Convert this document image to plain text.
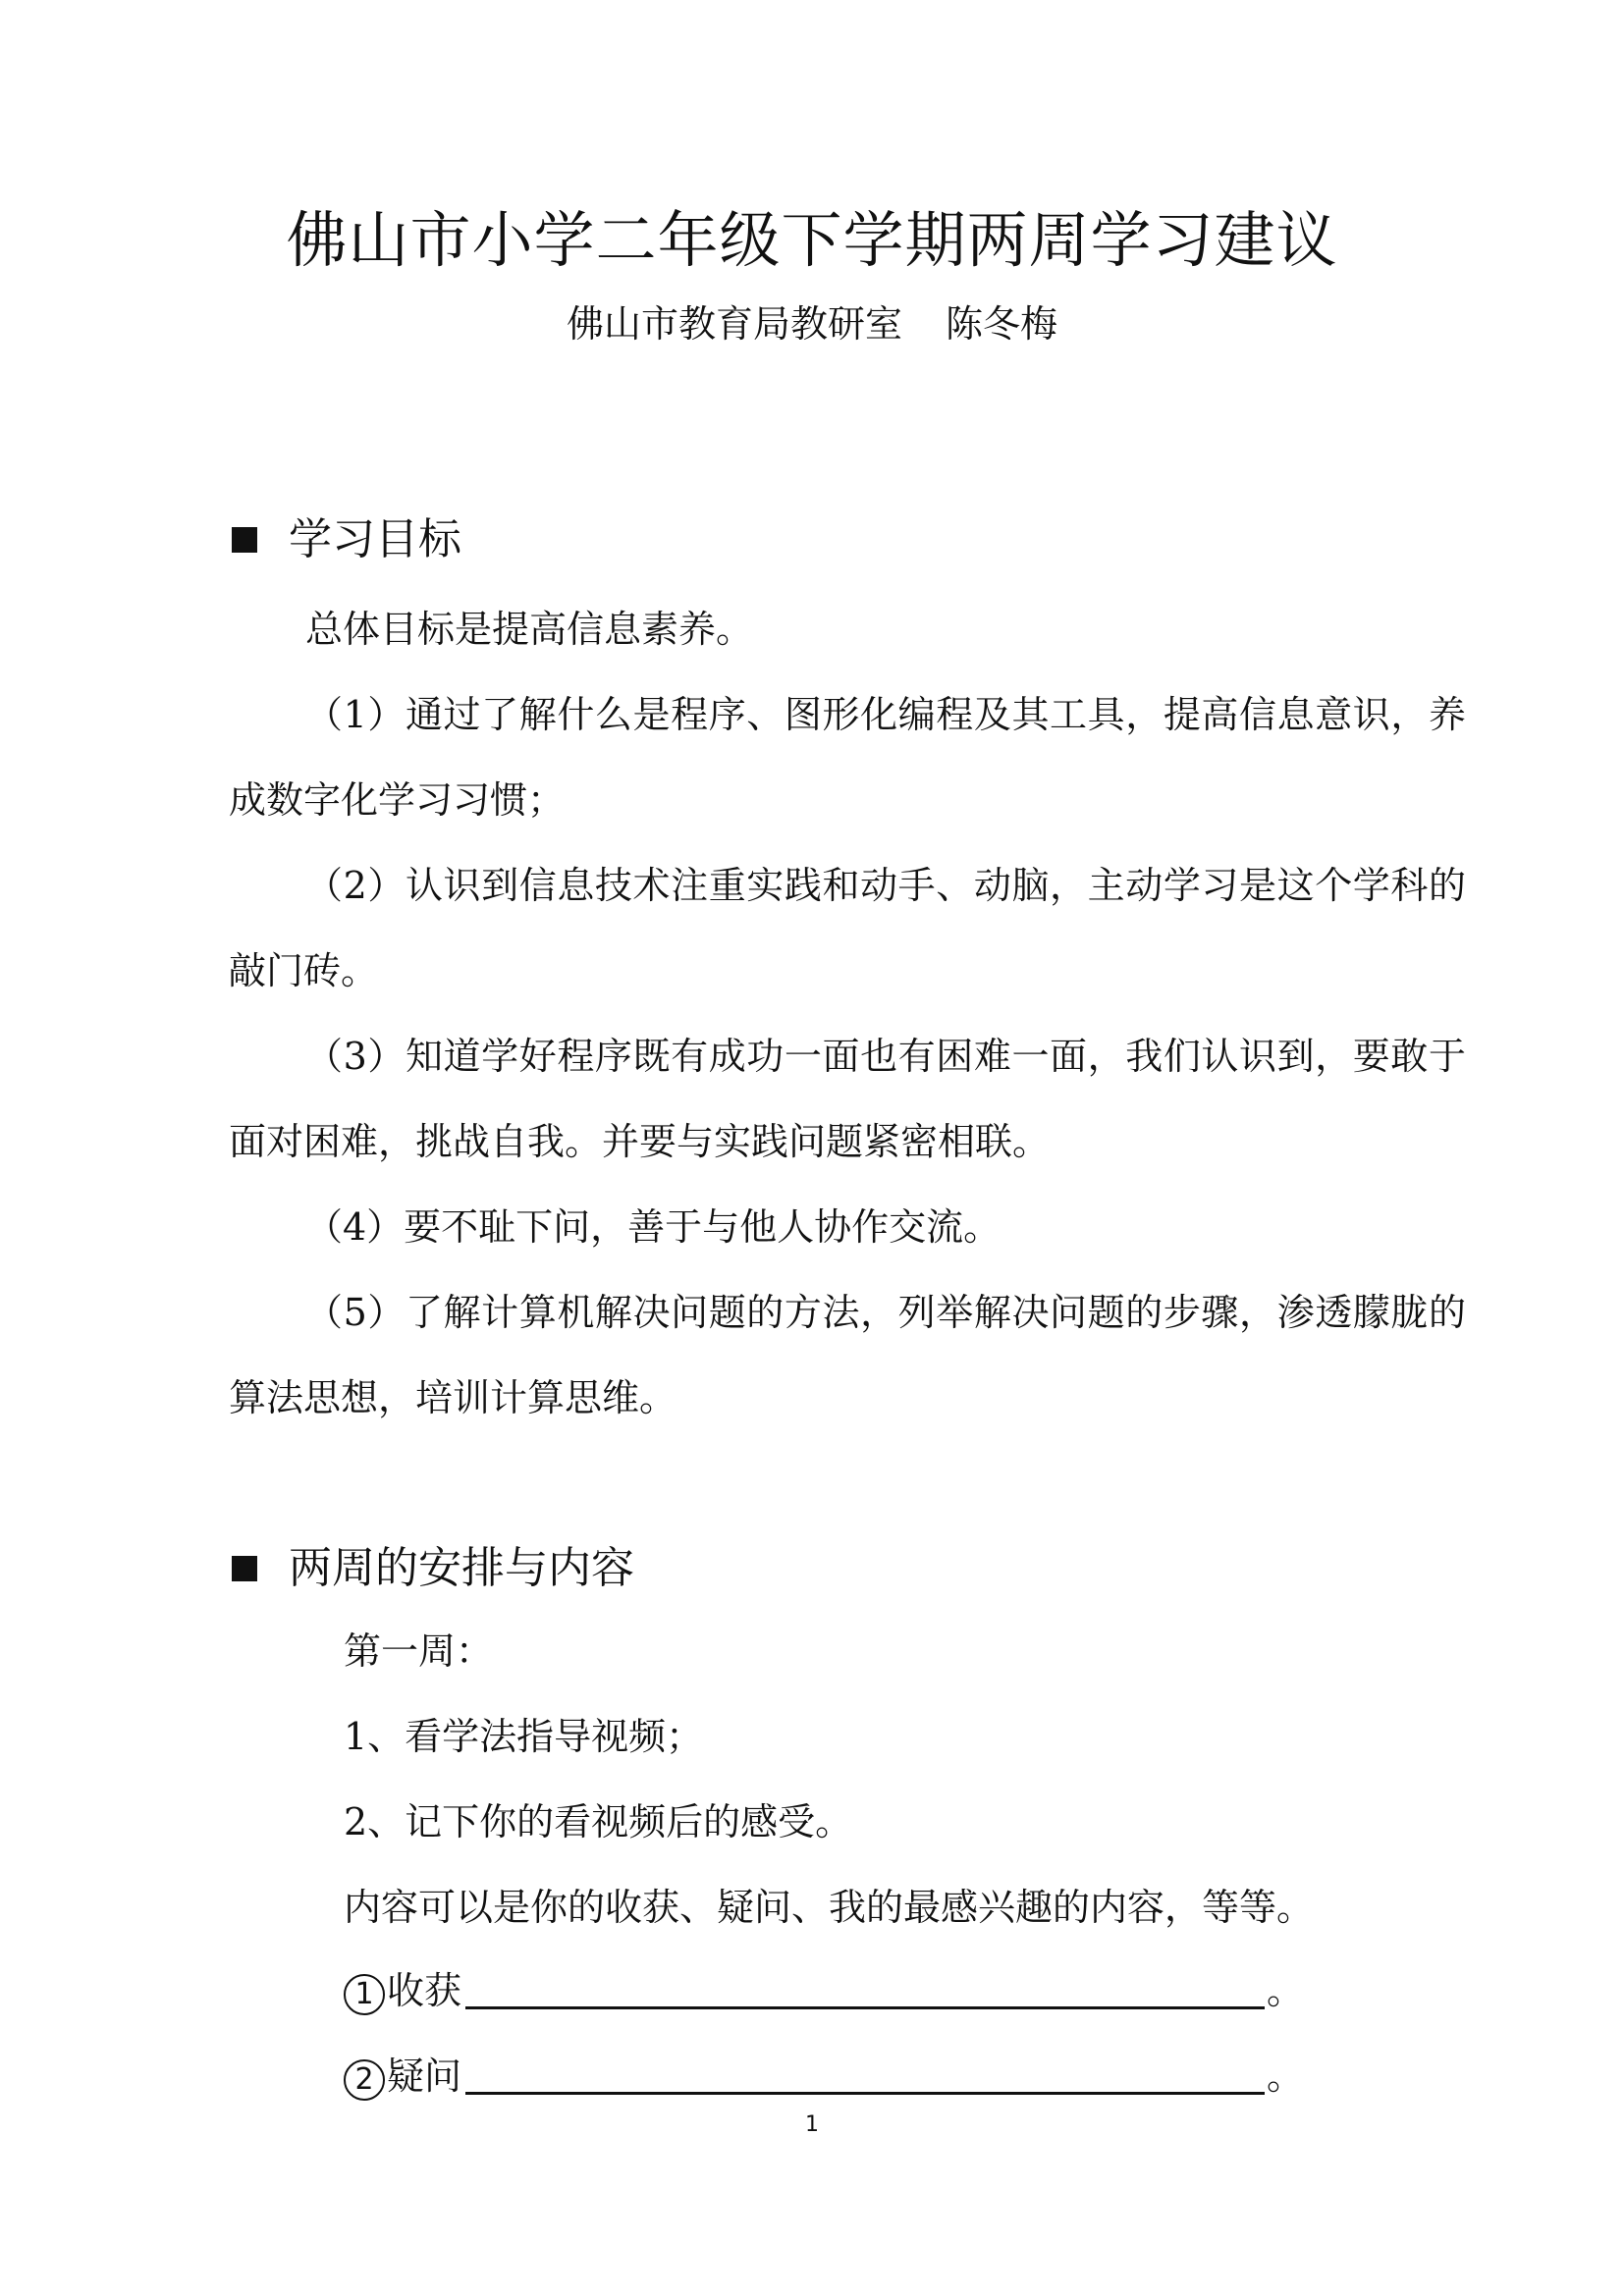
佛山市小学二年级下学期两周学习建议
佛山市教育局教研室 陈冬梅
学习目标

总体目标是提高信息素养。

（1）通过了解什么是程序、图形化编程及其工具，提高信息意识，养成数字化学习习惯；

（2）认识到信息技术注重实践和动手、动脑，主动学习是这个学科的敲门砖。

（3）知道学好程序既有成功一面也有困难一面，我们认识到，要敢于面对困难，挑战自我。并要与实践问题紧密相联。

（4）要不耻下问，善于与他人协作交流。

（5）了解计算机解决问题的方法，列举解决问题的步骤，渗透朦胧的算法思想，培训计算思维。

两周的安排与内容
第一周：
1、看学法指导视频；
2、记下你的看视频后的感受。
内容可以是你的收获、疑问、我的最感兴趣的内容，等等。
1 收获	。
2 疑问	。
1
